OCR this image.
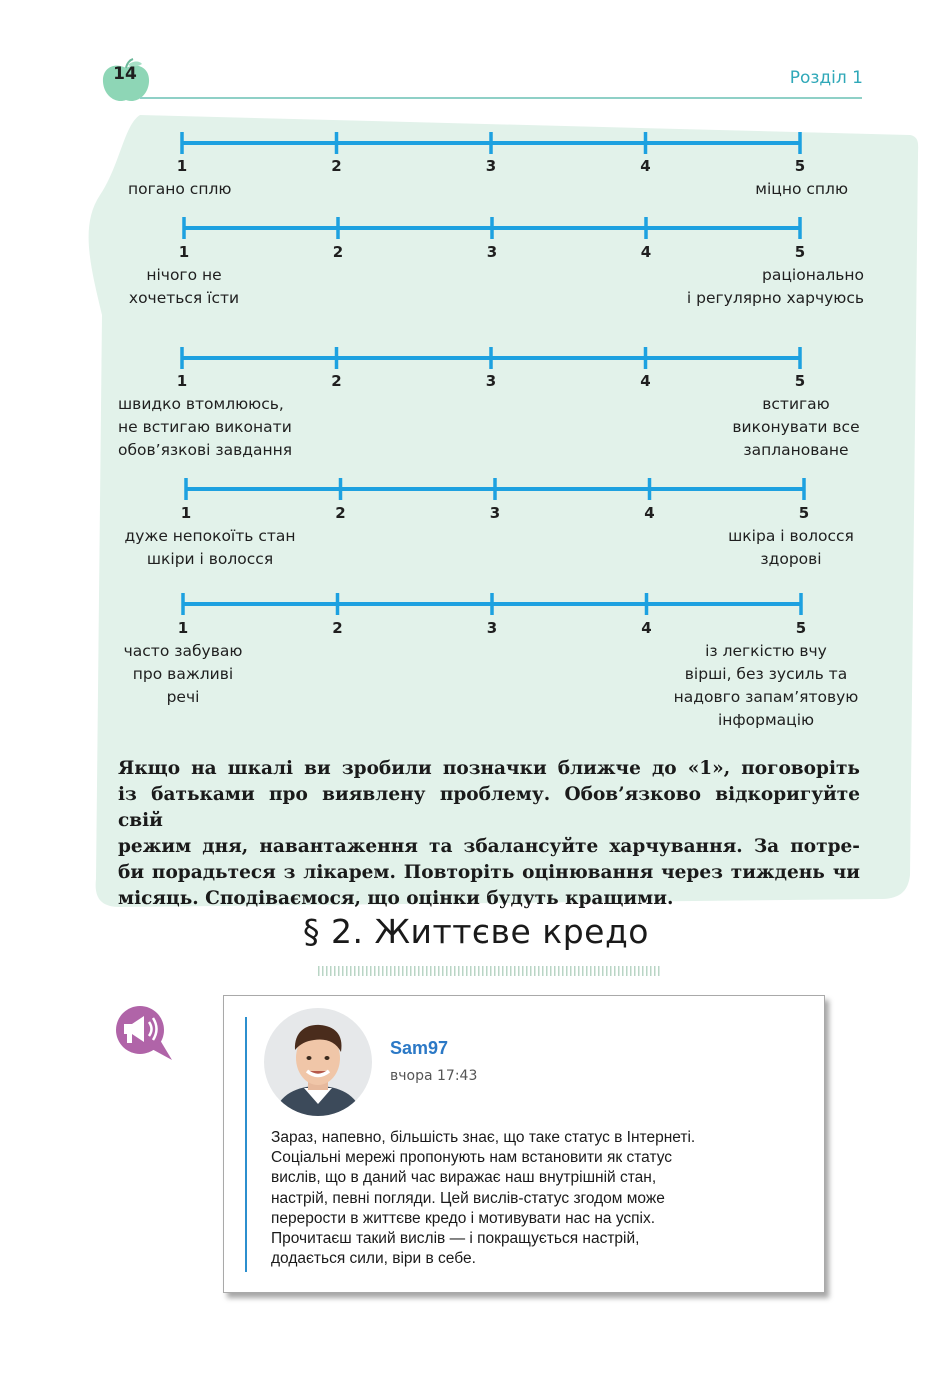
14	Розділ 1
1	2	3	4	5
погано сплю	міцно сплю
1	2	3	4	5
нічого не
хочеться їсти
раціонально
і регулярно харчуюсь
1	2	3	4	5
швидко втомлююсь,
не встигаю виконати
обов’язкові завдання
встигаю
виконувати все
заплановане
1	2	3	4	5
дуже непокоїть стан
шкіри і волосся
шкіра і волосся
здорові
1	2	3	4	5
часто забуваю
про важливі
речі
із легкістю вчу
вірші, без зусиль та
надовго запам’ятовую
інформацію
Якщо на шкалі ви зробили позначки ближче до «1», поговоріть
із батьками про виявлену проблему. Обов’язково відкоригуйте свій
режим дня, навантаження та збалансуйте харчування. За потре-
би порадьтеся з лікарем. Повторіть оцінювання через тиждень чи
місяць. Сподіваємося, що оцінки будуть кращими.
§ 2. Життєве кредо
Sam97
вчора 17:43
Зараз, напевно, більшість знає, що таке статус в Інтернеті.
Соціальні мережі пропонують нам встановити як статус
вислів, що в даний час виражає наш внутрішній стан,
настрій, певні погляди. Цей вислів-статус згодом може
перерости в життєве кредо і мотивувати нас на успіх.
Прочитаєш такий вислів — і покращується настрій,
додається сили, віри в себе.
